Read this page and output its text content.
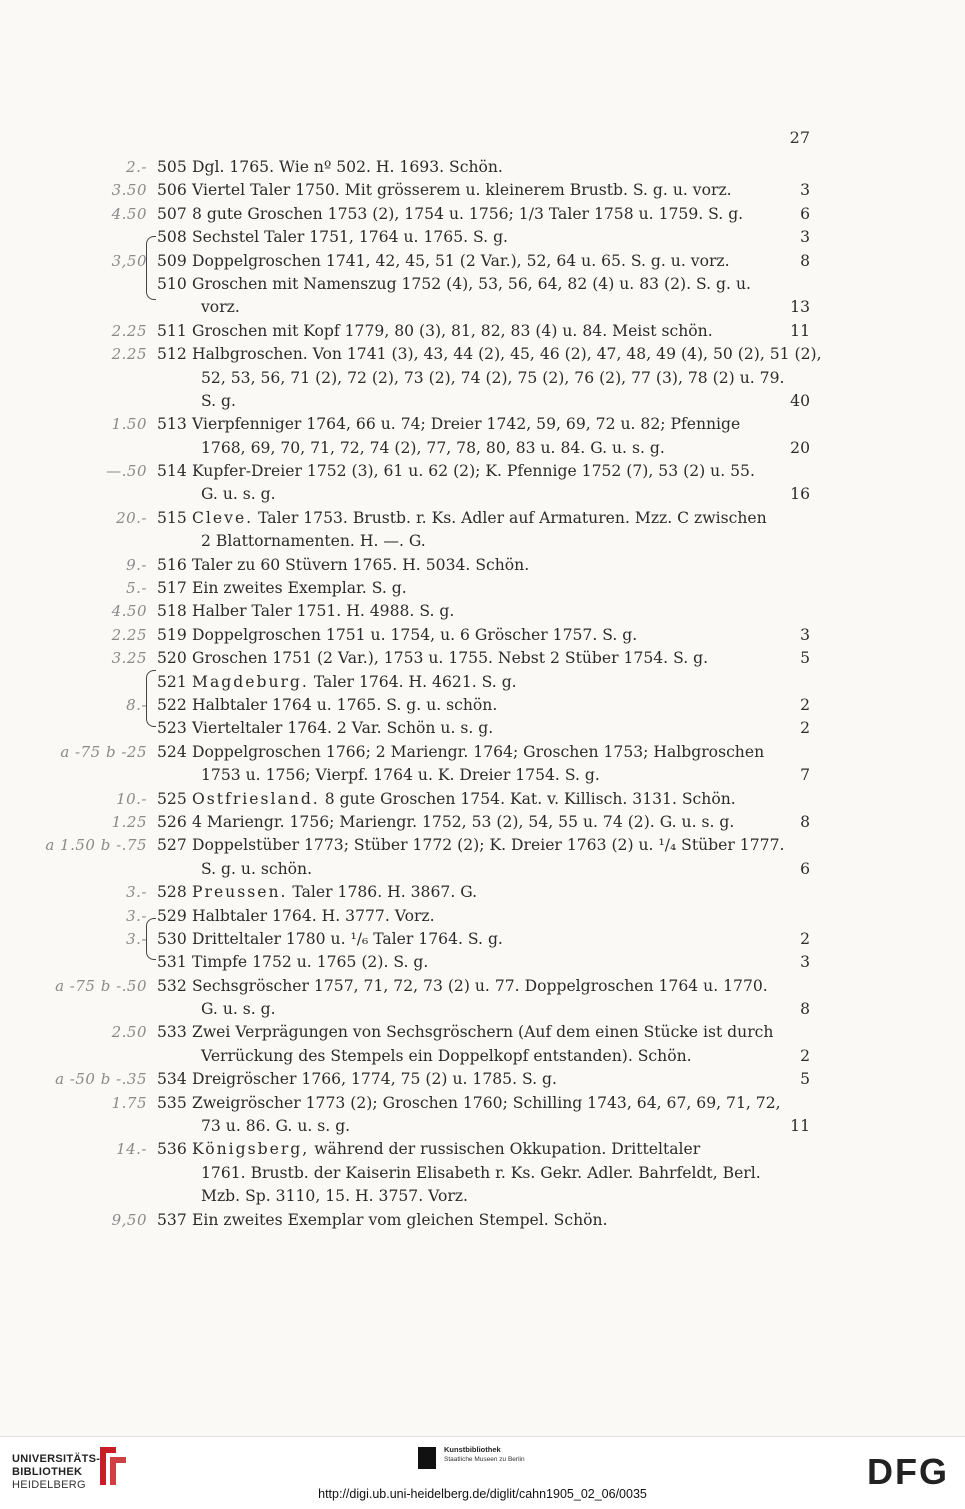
27
2.- 505 Dgl. 1765. Wie nº 502. H. 1693. Schön.
3.50 506 Viertel Taler 1750. Mit grösserem u. kleinerem Brustb. S. g. u. vorz.	3
4.50 507 8 gute Groschen 1753 (2), 1754 u. 1756; 1/3 Taler 1758 u. 1759. S. g.	6
508 Sechstel Taler 1751, 1764 u. 1765. S. g.	3
3,50 509 Doppelgroschen 1741, 42, 45, 51 (2 Var.), 52, 64 u. 65. S. g. u. vorz.	8
510 Groschen mit Namenszug 1752 (4), 53, 56, 64, 82 (4) u. 83 (2). S. g. u.
vorz.	13
2.25 511 Groschen mit Kopf 1779, 80 (3), 81, 82, 83 (4) u. 84. Meist schön.	11
2.25 512 Halbgroschen. Von 1741 (3), 43, 44 (2), 45, 46 (2), 47, 48, 49 (4), 50 (2), 51 (2),
52, 53, 56, 71 (2), 72 (2), 73 (2), 74 (2), 75 (2), 76 (2), 77 (3), 78 (2) u. 79.
S. g.	40
1.50 513 Vierpfenniger 1764, 66 u. 74; Dreier 1742, 59, 69, 72 u. 82; Pfennige
1768, 69, 70, 71, 72, 74 (2), 77, 78, 80, 83 u. 84. G. u. s. g.	20
—.50 514 Kupfer-Dreier 1752 (3), 61 u. 62 (2); K. Pfennige 1752 (7), 53 (2) u. 55.
G. u. s. g.	16
20.- 515 Cleve. Taler 1753. Brustb. r. Ks. Adler auf Armaturen. Mzz. C zwischen
2 Blattornamenten. H. —. G.
9.- 516 Taler zu 60 Stüvern 1765. H. 5034. Schön.
5.- 517 Ein zweites Exemplar. S. g.
4.50 518 Halber Taler 1751. H. 4988. S. g.
2.25 519 Doppelgroschen 1751 u. 1754, u. 6 Gröscher 1757. S. g.	3
3.25 520 Groschen 1751 (2 Var.), 1753 u. 1755. Nebst 2 Stüber 1754. S. g.	5
521 Magdeburg. Taler 1764. H. 4621. S. g.
8.- 522 Halbtaler 1764 u. 1765. S. g. u. schön.	2
523 Vierteltaler 1764. 2 Var. Schön u. s. g.	2
a -75 b -25 524 Doppelgroschen 1766; 2 Mariengr. 1764; Groschen 1753; Halbgroschen
1753 u. 1756; Vierpf. 1764 u. K. Dreier 1754. S. g.	7
10.- 525 Ostfriesland. 8 gute Groschen 1754. Kat. v. Killisch. 3131. Schön.
1.25 526 4 Mariengr. 1756; Mariengr. 1752, 53 (2), 54, 55 u. 74 (2). G. u. s. g.	8
a 1.50 b -.75 527 Doppelstüber 1773; Stüber 1772 (2); K. Dreier 1763 (2) u. ¹/₄ Stüber 1777.
S. g. u. schön.	6
3.- 528 Preussen. Taler 1786. H. 3867. G.
3.- 529 Halbtaler 1764. H. 3777. Vorz.
3.- 530 Dritteltaler 1780 u. ¹/₆ Taler 1764. S. g.	2
531 Timpfe 1752 u. 1765 (2). S. g.	3
a -75 b -.50 532 Sechsgröscher 1757, 71, 72, 73 (2) u. 77. Doppelgroschen 1764 u. 1770.
G. u. s. g.	8
2.50 533 Zwei Verprägungen von Sechsgröschern (Auf dem einen Stücke ist durch
Verrückung des Stempels ein Doppelkopf entstanden). Schön.	2
a -50 b -.35 534 Dreigröscher 1766, 1774, 75 (2) u. 1785. S. g.	5
1.75 535 Zweigröscher 1773 (2); Groschen 1760; Schilling 1743, 64, 67, 69, 71, 72,
73 u. 86. G. u. s. g.	11
14.- 536 Königsberg, während der russischen Okkupation. Dritteltaler
1761. Brustb. der Kaiserin Elisabeth r. Ks. Gekr. Adler. Bahrfeldt, Berl.
Mzb. Sp. 3110, 15. H. 3757. Vorz.
9,50 537 Ein zweites Exemplar vom gleichen Stempel. Schön.
UNIVERSITÄTS-
BIBLIOTHEK
HEIDELBERG
Kunstbibliothek
Staatliche Museen zu Berlin	DFG
http://digi.ub.uni-heidelberg.de/diglit/cahn1905_02_06/0035
